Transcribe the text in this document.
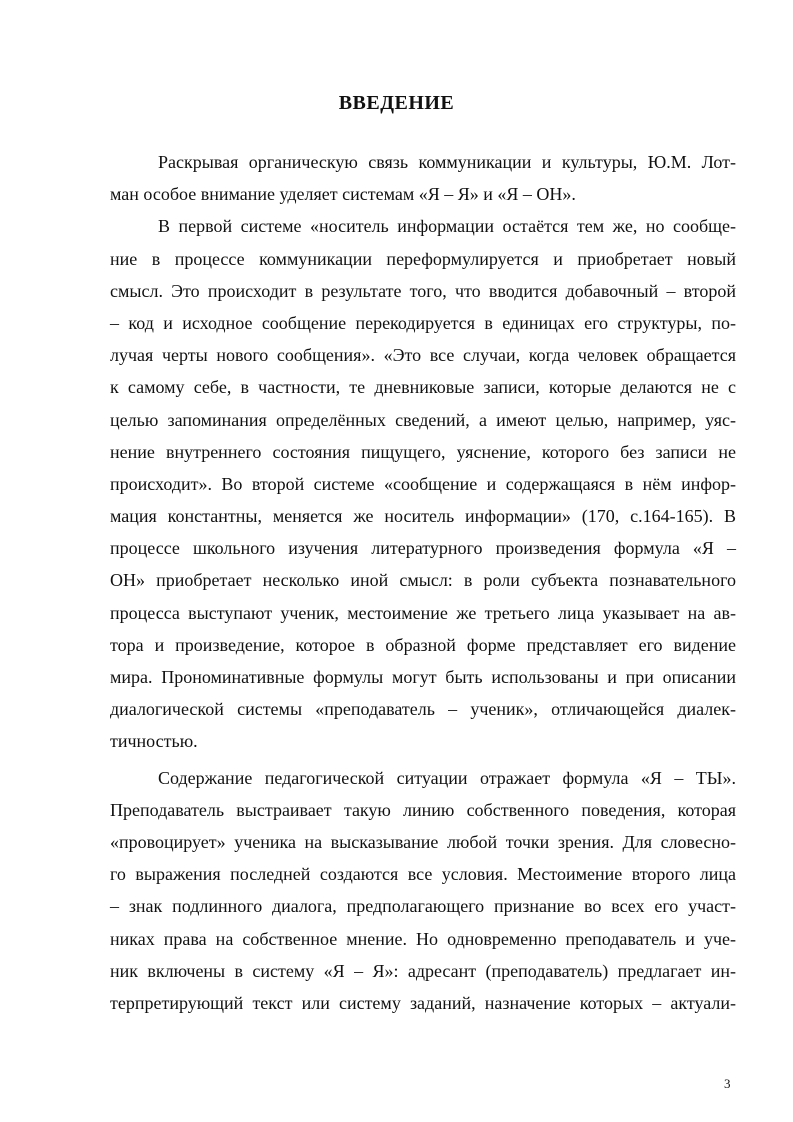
ВВЕДЕНИЕ
Раскрывая органическую связь коммуникации и культуры, Ю.М. Лот-
ман особое внимание уделяет системам «Я – Я» и «Я – ОН».
В первой системе «носитель информации остаётся тем же, но сообще-
ние в процессе коммуникации переформулируется и приобретает новый
смысл. Это происходит в результате того, что вводится добавочный – второй
– код и исходное сообщение перекодируется в единицах его структуры, по-
лучая черты нового сообщения». «Это все случаи, когда человек обращается
к самому себе, в частности, те дневниковые записи, которые делаются не с
целью запоминания определённых сведений, а имеют целью, например, уяс-
нение внутреннего состояния пищущего, уяснение, которого без записи не
происходит». Во второй системе «сообщение и содержащаяся в нём инфор-
мация константны, меняется же носитель информации» (170, с.164-165). В
процессе школьного изучения литературного произведения формула «Я –
ОН» приобретает несколько иной смысл: в роли субъекта познавательного
процесса выступают ученик, местоимение же третьего лица указывает на ав-
тора и произведение, которое в образной форме представляет его видение
мира. Прономинативные формулы могут быть использованы и при описании
диалогической системы «преподаватель – ученик», отличающейся диалек-
тичностью.
Содержание педагогической ситуации отражает формула «Я – ТЫ».
Преподаватель выстраивает такую линию собственного поведения, которая
«провоцирует» ученика на высказывание любой точки зрения. Для словесно-
го выражения последней создаются все условия. Местоимение второго лица
– знак подлинного диалога, предполагающего признание во всех его участ-
никах права на собственное мнение. Но одновременно преподаватель и уче-
ник включены в систему «Я – Я»: адресант (преподаватель) предлагает ин-
терпретирующий текст или систему заданий, назначение которых – актуали-
3
